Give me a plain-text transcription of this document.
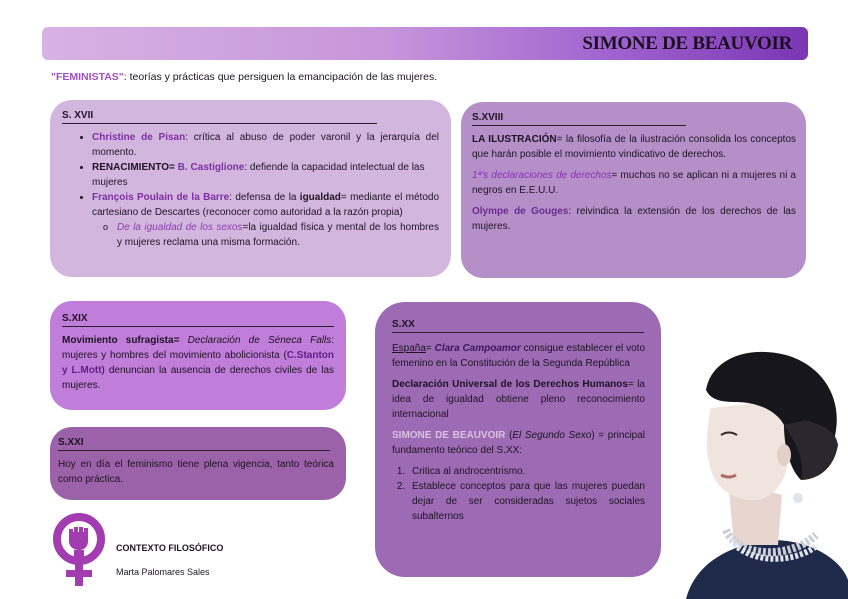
SIMONE DE BEAUVOIR
"FEMINISTAS": teorías y prácticas que persiguen la emancipación de las mujeres.
S. XVII
• Christine de Pisan: crítica al abuso de poder varonil y la jerarquía del momento.
• RENACIMIENTO= B. Castiglione: defiende la capacidad intelectual de las mujeres
• François Poulain de la Barre: defensa de la igualdad= mediante el método cartesiano de Descartes (reconocer como autoridad a la razón propia)
o De la igualdad de los sexos=la igualdad física y mental de los hombres y mujeres reclama una misma formación.
S.XVIII

LA ILUSTRACIÓN= la filosofía de la ilustración consolida los conceptos que harán posible el movimiento vindicativo de derechos.

1ª's declaraciones de derechos= muchos no se aplican ni a mujeres ni a negros en E.E.U.U.

Olympe de Gouges: reivindica la extensión de los derechos de las mujeres.

S.XIX

Movimiento sufragista= Declaración de Séneca Falls: mujeres y hombres del movimiento abolicionista (C.Stanton y L.Mott) denuncian la ausencia de derechos civiles de las mujeres.

S.XXI

Hoy en día el feminismo tiene plena vigencia, tanto teórica como práctica.

S.XX

España= Clara Campoamor consigue establecer el voto femenino en la Constitución de la Segunda República

Declaración Universal de los Derechos Humanos= la idea de igualdad obtiene pleno reconocimiento internacional

SIMONE DE BEAUVOIR (El Segundo Sexo) = principal fundamento teórico del S.XX:

1. Critica al androcentrismo.
2. Establece conceptos para que las mujeres puedan dejar de ser consideradas sujetos sociales subalternos
CONTEXTO FILOSÓFICO
Marta Palomares Sales
